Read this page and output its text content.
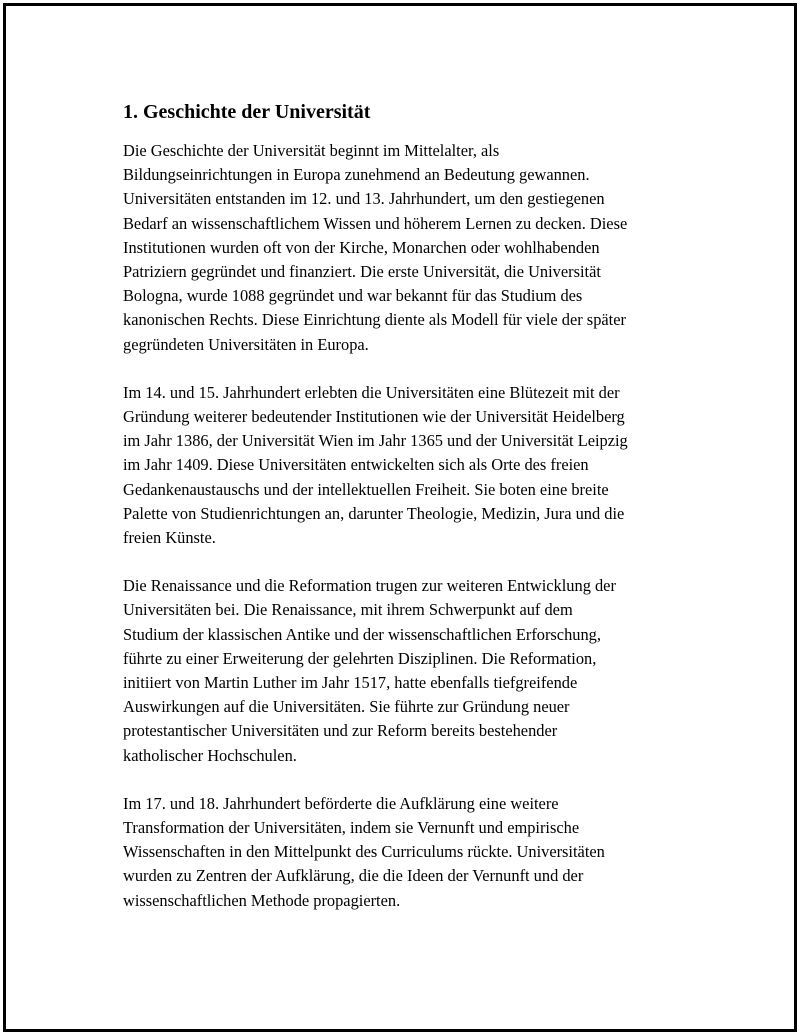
1. Geschichte der Universität

Die Geschichte der Universität beginnt im Mittelalter, als
Bildungseinrichtungen in Europa zunehmend an Bedeutung gewannen.
Universitäten entstanden im 12. und 13. Jahrhundert, um den gestiegenen
Bedarf an wissenschaftlichem Wissen und höherem Lernen zu decken. Diese
Institutionen wurden oft von der Kirche, Monarchen oder wohlhabenden
Patriziern gegründet und finanziert. Die erste Universität, die Universität
Bologna, wurde 1088 gegründet und war bekannt für das Studium des
kanonischen Rechts. Diese Einrichtung diente als Modell für viele der später
gegründeten Universitäten in Europa.

Im 14. und 15. Jahrhundert erlebten die Universitäten eine Blütezeit mit der
Gründung weiterer bedeutender Institutionen wie der Universität Heidelberg
im Jahr 1386, der Universität Wien im Jahr 1365 und der Universität Leipzig
im Jahr 1409. Diese Universitäten entwickelten sich als Orte des freien
Gedankenaustauschs und der intellektuellen Freiheit. Sie boten eine breite
Palette von Studienrichtungen an, darunter Theologie, Medizin, Jura und die
freien Künste.

Die Renaissance und die Reformation trugen zur weiteren Entwicklung der
Universitäten bei. Die Renaissance, mit ihrem Schwerpunkt auf dem
Studium der klassischen Antike und der wissenschaftlichen Erforschung,
führte zu einer Erweiterung der gelehrten Disziplinen. Die Reformation,
initiiert von Martin Luther im Jahr 1517, hatte ebenfalls tiefgreifende
Auswirkungen auf die Universitäten. Sie führte zur Gründung neuer
protestantischer Universitäten und zur Reform bereits bestehender
katholischer Hochschulen.

Im 17. und 18. Jahrhundert beförderte die Aufklärung eine weitere
Transformation der Universitäten, indem sie Vernunft und empirische
Wissenschaften in den Mittelpunkt des Curriculums rückte. Universitäten
wurden zu Zentren der Aufklärung, die die Ideen der Vernunft und der
wissenschaftlichen Methode propagierten.
